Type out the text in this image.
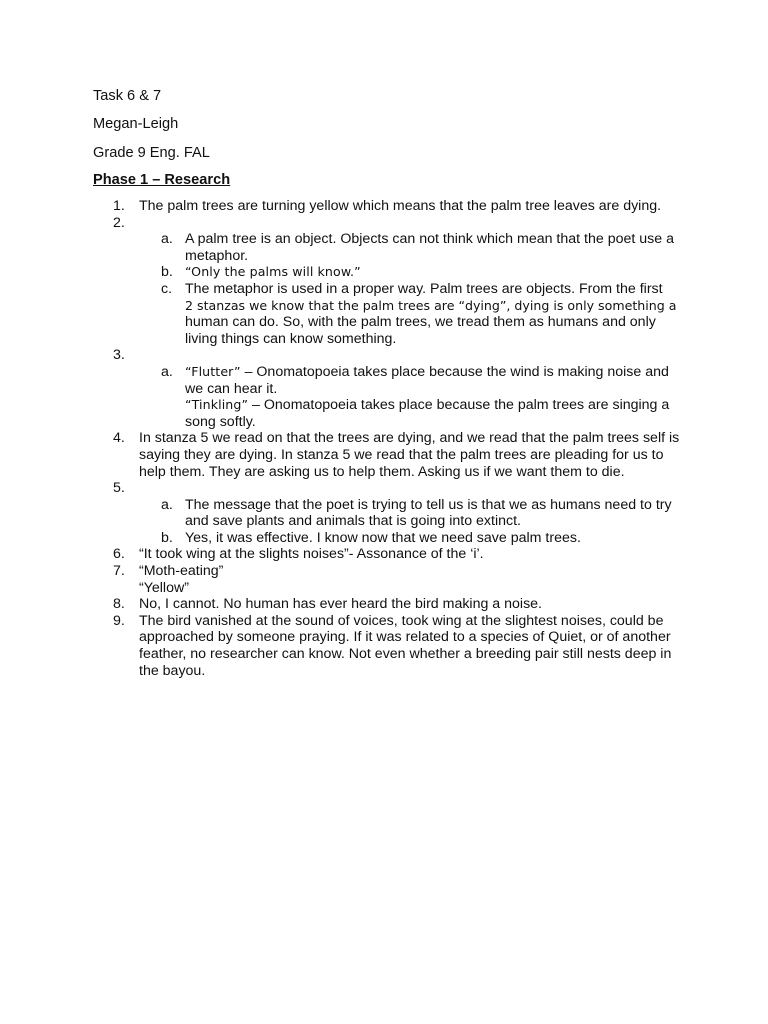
Task 6 & 7
Megan-Leigh
Grade 9 Eng. FAL
Phase 1 – Research
1. The palm trees are turning yellow which means that the palm tree leaves are dying.
2.

a. A palm tree is an object. Objects can not think which mean that the poet use a metaphor.
b. “Only the palms will know.”
c. The metaphor is used in a proper way. Palm trees are objects. From the first
2 stanzas we know that the palm trees are “dying”, dying is only something a
human can do. So, with the palm trees, we tread them as humans and only living things can know something.
3.

a. “Flutter” – Onomatopoeia takes place because the wind is making noise and we can hear it.
“Tinkling” – Onomatopoeia takes place because the palm trees are singing a song softly.
4. In stanza 5 we read on that the trees are dying, and we read that the palm trees self is saying they are dying. In stanza 5 we read that the palm trees are pleading for us to help them. They are asking us to help them. Asking us if we want them to die.
5.

a. The message that the poet is trying to tell us is that we as humans need to try and save plants and animals that is going into extinct.
b. Yes, it was effective. I know now that we need save palm trees.
6. “It took wing at the slights noises”- Assonance of the ‘i’.
7. “Moth-eating”
“Yellow”
8. No, I cannot. No human has ever heard the bird making a noise.
9. The bird vanished at the sound of voices, took wing at the slightest noises, could be approached by someone praying. If it was related to a species of Quiet, or of another feather, no researcher can know. Not even whether a breeding pair still nests deep in the bayou.
